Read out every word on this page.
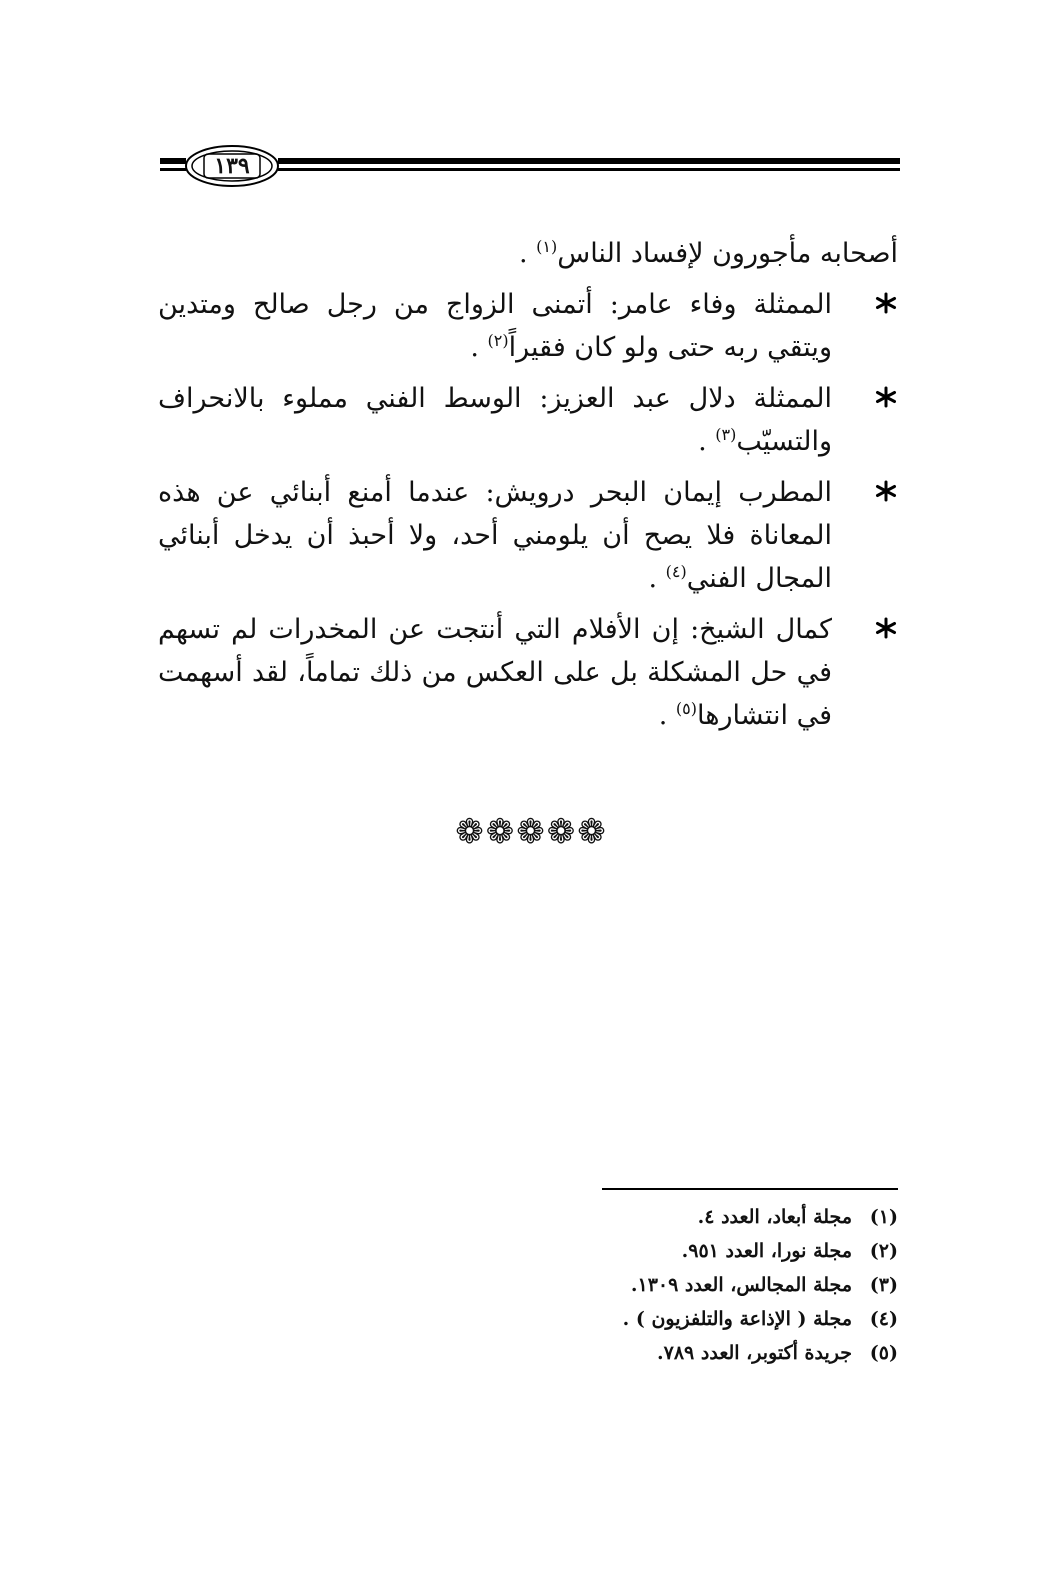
١٣٩
أصحابه مأجورون لإفساد الناس$^{(١)}$ .
الممثلة وفاء عامر: أتمنى الزواج من رجل صالح ومتدين ويتقي ربه حتى ولو كان فقيراً$^{(٢)}$ .
الممثلة دلال عبد العزيز: الوسط الفني مملوء بالانحراف والتسيّب$^{(٣)}$ .
المطرب إيمان البحر درويش: عندما أمنع أبنائي عن هذه المعاناة فلا يصح أن يلومني أحد، ولا أحبذ أن يدخل أبنائي المجال الفني$^{(٤)}$ .
كمال الشيخ: إن الأفلام التي أنتجت عن المخدرات لم تسهم في حل المشكلة بل على العكس من ذلك تماماً، لقد أسهمت في انتشارها$^{(٥)}$ .
❁❁❁❁❁
(١)مجلة أبعاد، العدد ٤.
(٢)مجلة نورا، العدد ٩٥١.
(٣)مجلة المجالس، العدد ١٣٠٩.
(٤)مجلة ( الإذاعة والتلفزيون ) .
(٥)جريدة أكتوبر، العدد ٧٨٩.
